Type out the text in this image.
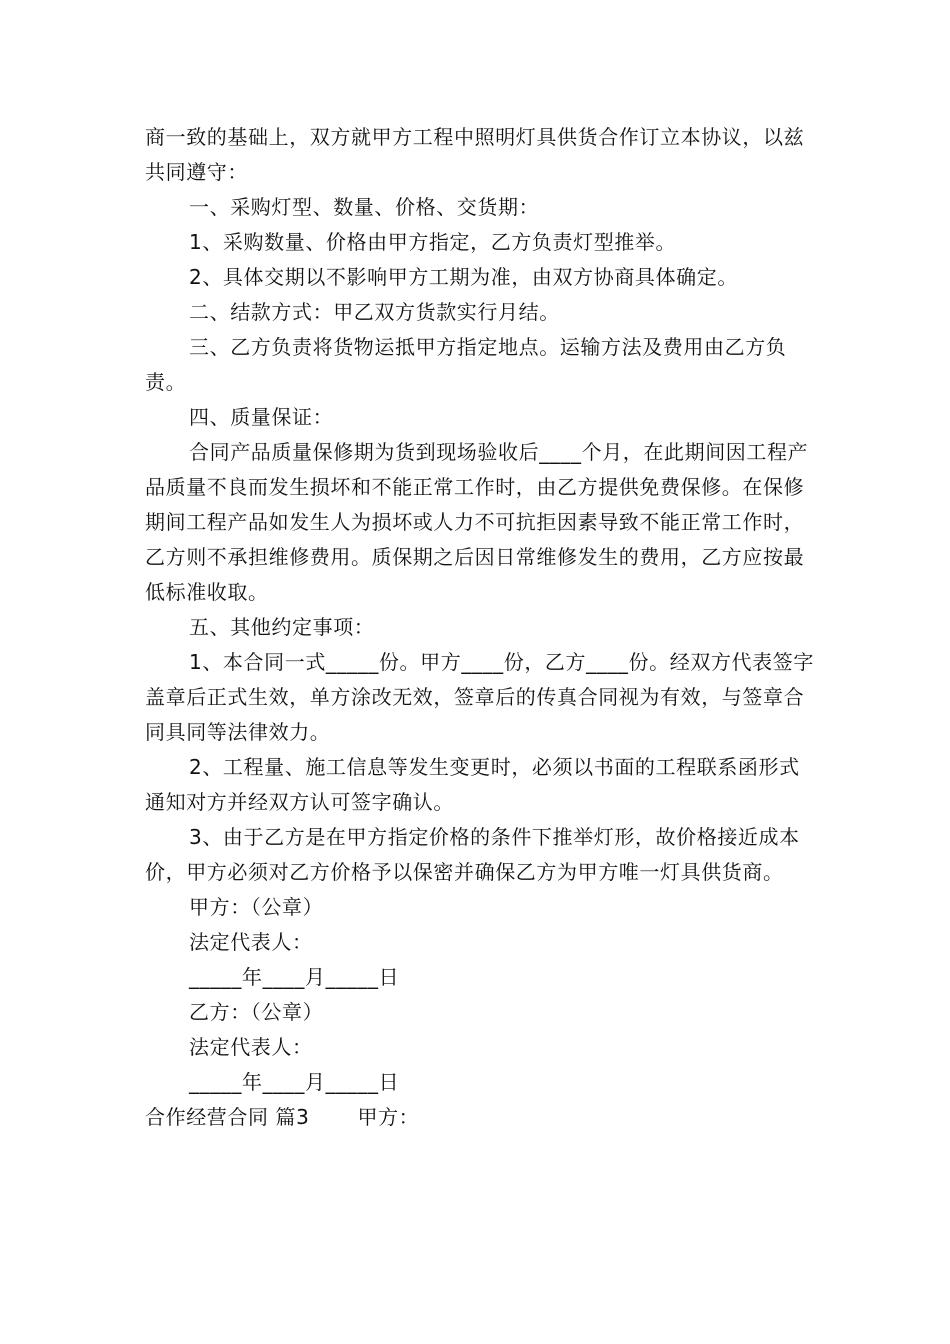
商一致的基础上，双方就甲方工程中照明灯具供货合作订立本协议，以兹共同遵守：

一、采购灯型、数量、价格、交货期：

1、采购数量、价格由甲方指定，乙方负责灯型推举。

2、具体交期以不影响甲方工期为准，由双方协商具体确定。

二、结款方式：甲乙双方货款实行月结。

三、乙方负责将货物运抵甲方指定地点。运输方法及费用由乙方负责。

四、质量保证：

合同产品质量保修期为货到现场验收后____个月，在此期间因工程产品质量不良而发生损坏和不能正常工作时，由乙方提供免费保修。在保修期间工程产品如发生人为损坏或人力不可抗拒因素导致不能正常工作时，乙方则不承担维修费用。质保期之后因日常维修发生的费用，乙方应按最低标准收取。

五、其他约定事项：

1、本合同一式_____份。甲方____份，乙方____份。经双方代表签字盖章后正式生效，单方涂改无效，签章后的传真合同视为有效，与签章合同具同等法律效力。

2、工程量、施工信息等发生变更时，必须以书面的工程联系函形式通知对方并经双方认可签字确认。

3、由于乙方是在甲方指定价格的条件下推举灯形，故价格接近成本价，甲方必须对乙方价格予以保密并确保乙方为甲方唯一灯具供货商。

甲方：（公章）

法定代表人：

_____年____月_____日

乙方：（公章）

法定代表人：

_____年____月_____日

合作经营合同 篇3 甲方：
